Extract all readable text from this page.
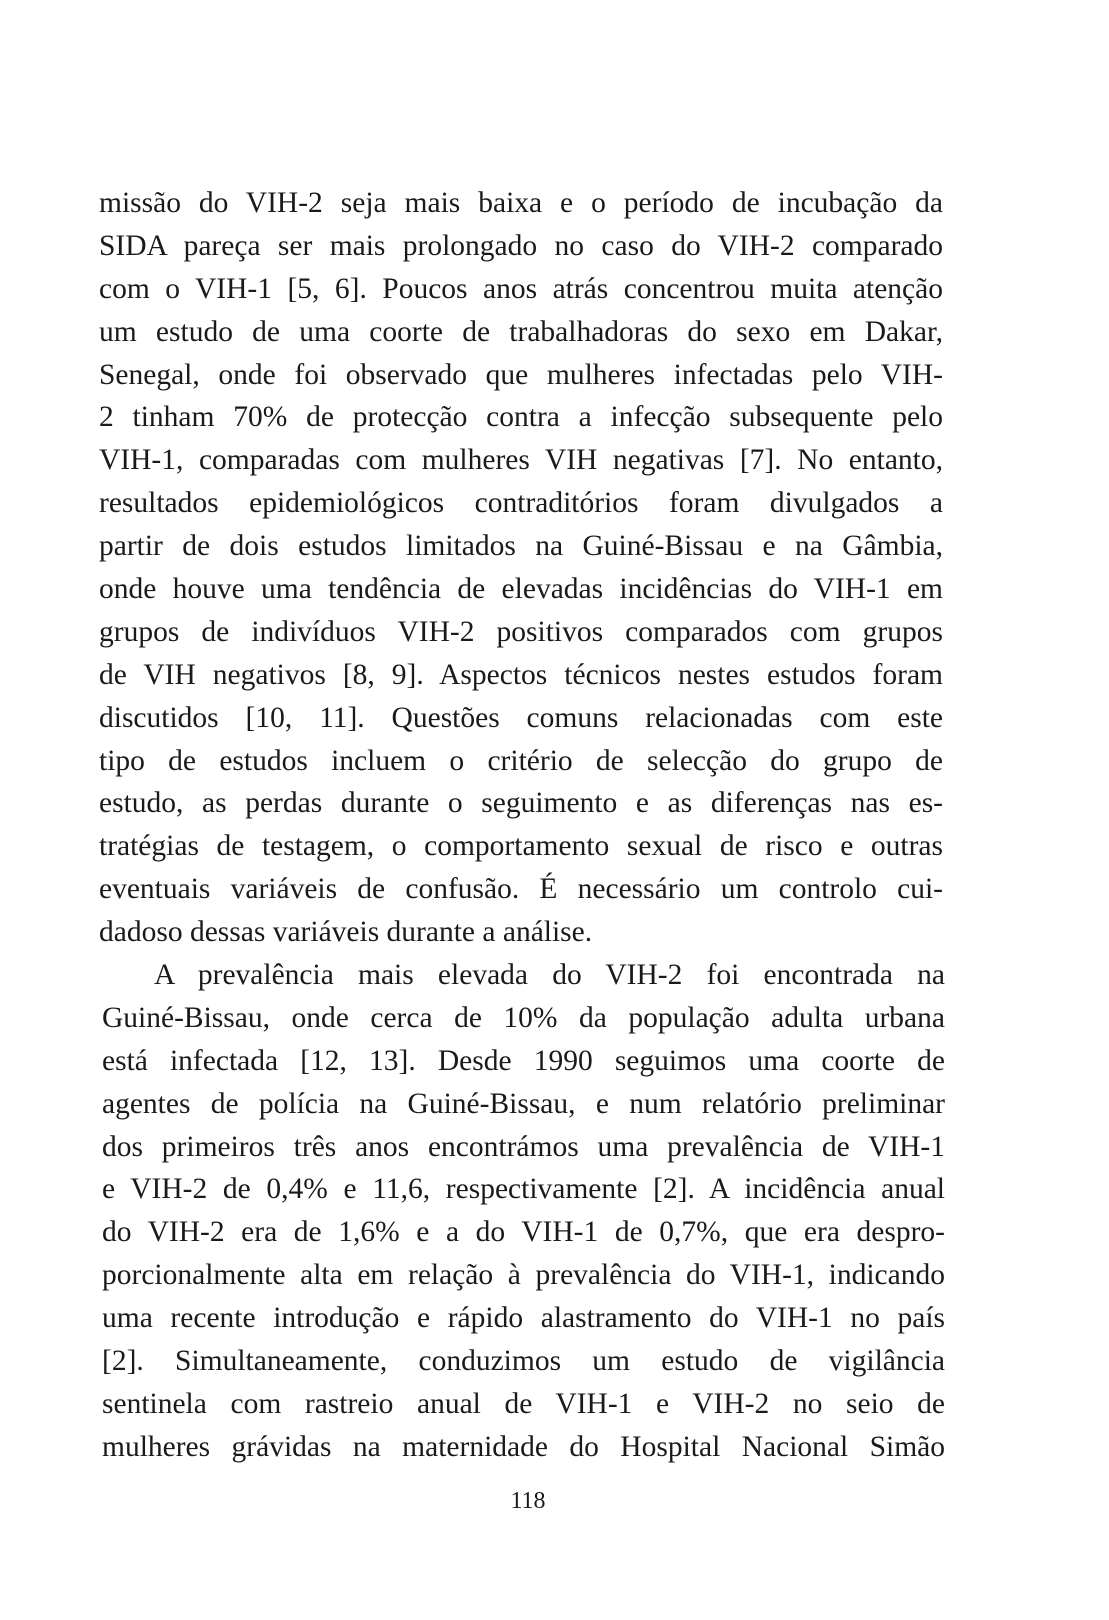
missão do VIH-2 seja mais baixa e o período de incubação da
SIDA pareça ser mais prolongado no caso do VIH-2 comparado
com o VIH-1 [5, 6]. Poucos anos atrás concentrou muita atenção
um estudo de uma coorte de trabalhadoras do sexo em Dakar,
Senegal, onde foi observado que mulheres infectadas pelo VIH-
2 tinham 70% de protecção contra a infecção subsequente pelo
VIH-1, comparadas com mulheres VIH negativas [7]. No entanto,
resultados epidemiológicos contraditórios foram divulgados a
partir de dois estudos limitados na Guiné-Bissau e na Gâmbia,
onde houve uma tendência de elevadas incidências do VIH-1 em
grupos de indivíduos VIH-2 positivos comparados com grupos
de VIH negativos [8, 9]. Aspectos técnicos nestes estudos foram
discutidos [10, 11]. Questões comuns relacionadas com este
tipo de estudos incluem o critério de selecção do grupo de
estudo, as perdas durante o seguimento e as diferenças nas es-
tratégias de testagem, o comportamento sexual de risco e outras
eventuais variáveis de confusão. É necessário um controlo cui-
dadoso dessas variáveis durante a análise.
A prevalência mais elevada do VIH-2 foi encontrada na
Guiné-Bissau, onde cerca de 10% da população adulta urbana
está infectada [12, 13]. Desde 1990 seguimos uma coorte de
agentes de polícia na Guiné-Bissau, e num relatório preliminar
dos primeiros três anos encontrámos uma prevalência de VIH-1
e VIH-2 de 0,4% e 11,6, respectivamente [2]. A incidência anual
do VIH-2 era de 1,6% e a do VIH-1 de 0,7%, que era despro-
porcionalmente alta em relação à prevalência do VIH-1, indicando
uma recente introdução e rápido alastramento do VIH-1 no país
[2]. Simultaneamente, conduzimos um estudo de vigilância
sentinela com rastreio anual de VIH-1 e VIH-2 no seio de
mulheres grávidas na maternidade do Hospital Nacional Simão
118
